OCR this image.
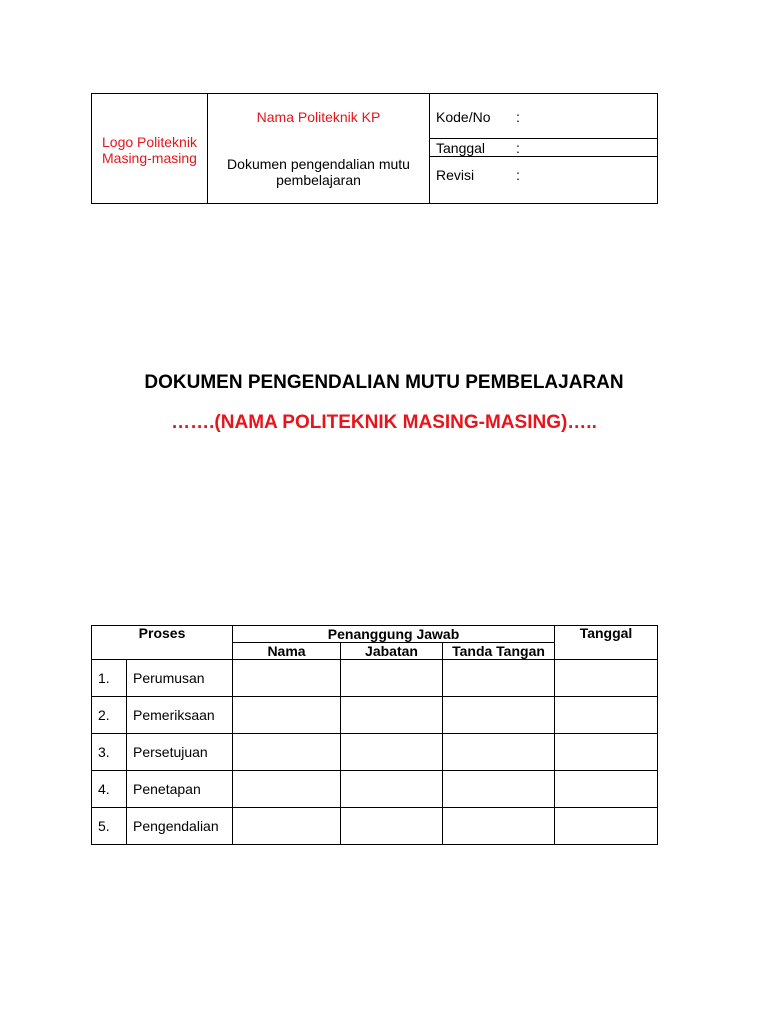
Logo Politeknik Masing-masing
Nama Politeknik KP
Dokumen pengendalian mutu pembelajaran
Kode/No :
Tanggal :
Revisi	:
DOKUMEN PENGENDALIAN MUTU PEMBELAJARAN
…….(NAMA POLITEKNIK MASING-MASING)…..
Proses		Penanggung Jawab			Tanggal
		Nama	Jabatan	Tanda Tangan	
1.	Perumusan				
2.	Pemeriksaan				
3.	Persetujuan				
4.	Penetapan				
5.	Pengendalian				
